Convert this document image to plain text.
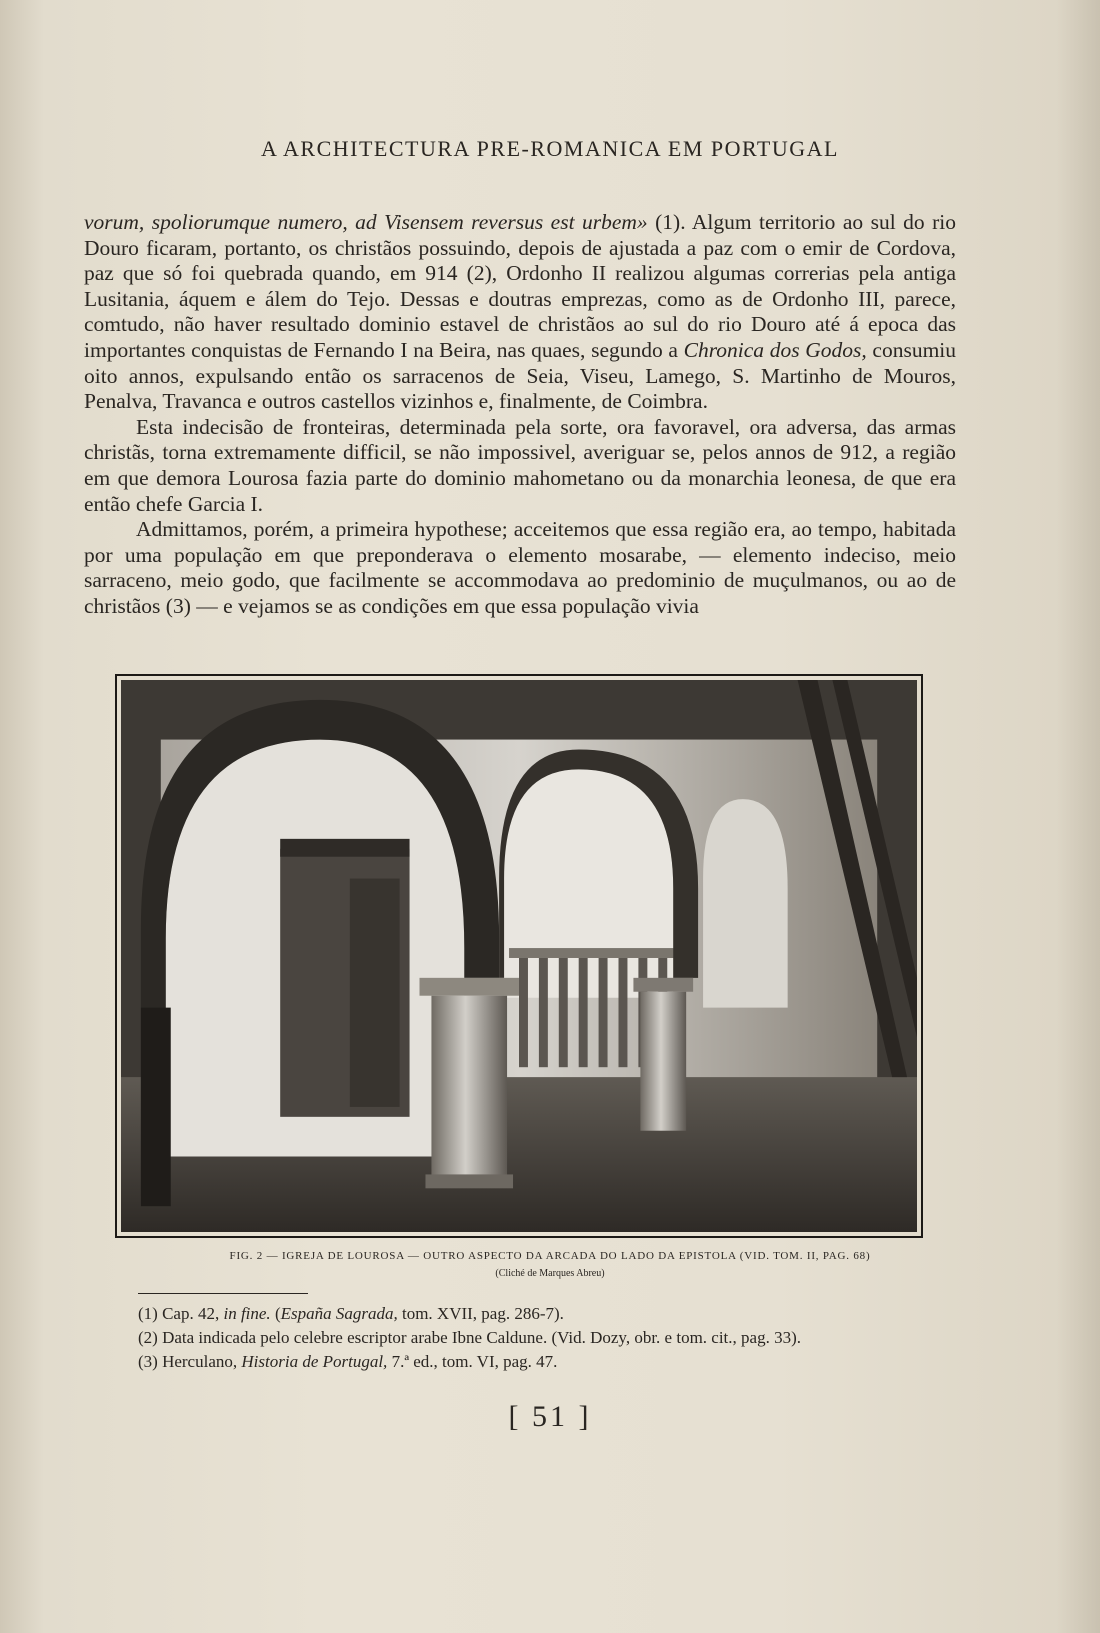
A ARCHITECTURA PRE-ROMANICA EM PORTUGAL

vorum, spoliorumque numero, ad Visensem reversus est urbem» (1). Algum territorio ao sul do rio Douro ficaram, portanto, os christãos possuindo, depois de ajustada a paz com o emir de Cordova, paz que só foi quebrada quando, em 914 (2), Ordonho II realizou algumas correrias pela antiga Lusitania, áquem e álem do Tejo. Dessas e doutras emprezas, como as de Ordonho III, parece, comtudo, não haver resultado dominio estavel de christãos ao sul do rio Douro até á epoca das importantes conquistas de Fernando I na Beira, nas quaes, segundo a Chronica dos Godos, consumiu oito annos, expulsando então os sarracenos de Seia, Viseu, Lamego, S. Martinho de Mouros, Penalva, Travanca e outros castellos vizinhos e, finalmente, de Coimbra.

Esta indecisão de fronteiras, determinada pela sorte, ora favoravel, ora adversa, das armas christãs, torna extremamente difficil, se não impossivel, averiguar se, pelos annos de 912, a região em que demora Lourosa fazia parte do dominio mahometano ou da monarchia leonesa, de que era então chefe Garcia I.

Admittamos, porém, a primeira hypothese; acceitemos que essa região era, ao tempo, habitada por uma população em que preponderava o elemento mosarabe, — elemento indeciso, meio sarraceno, meio godo, que facilmente se accommodava ao predominio de muçulmanos, ou ao de christãos (3) — e vejamos se as condições em que essa população vivia

FIG. 2 — IGREJA DE LOUROSA — OUTRO ASPECTO DA ARCADA DO LADO DA EPISTOLA (VID. TOM. II, PAG. 68)
(Cliché de Marques Abreu)
(1) Cap. 42, in fine. (España Sagrada, tom. XVII, pag. 286-7).
(2) Data indicada pelo celebre escriptor arabe Ibne Caldune. (Vid. Dozy, obr. e tom. cit., pag. 33).
(3) Herculano, Historia de Portugal, 7.ª ed., tom. VI, pag. 47.
[ 51 ]
